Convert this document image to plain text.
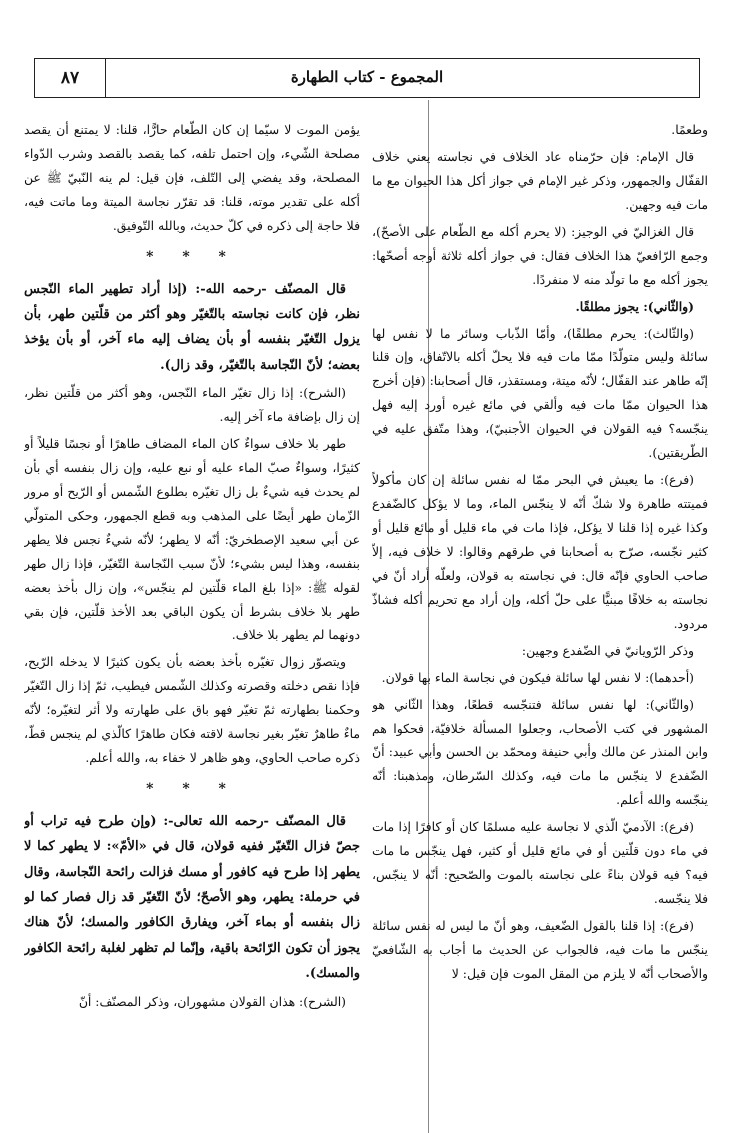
٨٧	المجموع - كتاب الطهارة

وطعمًا.

قال الإمام: فإن حرّمناه عاد الخلاف في نجاسته يعني خلاف القفّال والجمهور، وذكر غير الإمام في جواز أكل هذا الحيوان مع ما مات فيه وجهين.

قال الغزاليّ في الوجيز: (لا يحرم أكله مع الطّعام على الأصحّ)، وجمع الرّافعيّ هذا الخلاف فقال: في جواز أكله ثلاثة أوجه أصحّها: يجوز أكله مع ما تولّد منه لا منفردًا.

(والثّاني): يجوز مطلقًا.

(والثّالث): يحرم مطلقًا)، وأمّا الذّباب وسائر ما لا نفس لها سائلة وليس متولّدًا ممّا مات فيه فلا يحلّ أكله بالاتّفاق، وإن قلنا إنّه طاهر عند القفّال؛ لأنّه ميتة، ومستقذر، قال أصحابنا: (فإن أخرج هذا الحيوان ممّا مات فيه وألقي في مائع غيره أورد إليه فهل ينجّسه؟ فيه القولان في الحيوان الأجنبيّ)، وهذا متّفق عليه في الطّريقتين).

(فرع): ما يعيش في البحر ممّا له نفس سائلة إن كان مأكولاً فميتته طاهرة ولا شكّ أنّه لا ينجّس الماء، وما لا يؤكل كالضّفدع وكذا غيره إذا قلنا لا يؤكل، فإذا مات في ماء قليل أو مائع قليل أو كثير نجّسه، صرّح به أصحابنا في طرقهم وقالوا: لا خلاف فيه، إلاّ صاحب الحاوي فإنّه قال: في نجاسته به قولان، ولعلّه أراد أنّ في نجاسته به خلافًا مبنيًّا على حلّ أكله، وإن أراد مع تحريم أكله فشاذّ مردود.

وذكر الرّويانيّ في الضّفدع وجهين:

(أحدهما): لا نفس لها سائلة فيكون في نجاسة الماء بها قولان.

(والثّاني): لها نفس سائلة فتنجّسه قطعًا، وهذا الثّاني هو المشهور في كتب الأصحاب، وجعلوا المسألة خلافيّة، فحكوا هم وابن المنذر عن مالك وأبي حنيفة ومحمّد بن الحسن وأبي عبيد: أنّ الضّفدع لا ينجّس ما مات فيه، وكذلك السّرطان، ومذهبنا: أنّه ينجّسه والله أعلم.

(فرع): الآدميّ الّذي لا نجاسة عليه مسلمًا كان أو كافرًا إذا مات في ماء دون قلّتين أو في مائع قليل أو كثير، فهل ينجّس ما مات فيه؟ فيه قولان بناءً على نجاسته بالموت والصّحيح: أنّه لا ينجّس، فلا ينجّسه.

(فرع): إذا قلنا بالقول الضّعيف، وهو أنّ ما ليس له نفس سائلة ينجّس ما مات فيه، فالجواب عن الحديث ما أجاب به الشّافعيّ والأصحاب أنّه لا يلزم من المقل الموت فإن قيل: لا

يؤمن الموت لا سيّما إن كان الطّعام حارًّا، قلنا: لا يمتنع أن يقصد مصلحة الشّيء، وإن احتمل تلفه، كما يقصد بالقصد وشرب الدّواء المصلحة، وقد يفضي إلى التّلف، فإن قيل: لم ينه النّبيّ ﷺ عن أكله على تقدير موته، قلنا: قد تقرّر نجاسة الميتة وما ماتت فيه، فلا حاجة إلى ذكره في كلّ حديث، وبالله التّوفيق.

* * *

قال المصنّف -رحمه الله-: (إذا أراد تطهير الماء النّجس نظر، فإن كانت نجاسته بالتّغيّر وهو أكثر من قلّتين طهر، بأن يزول التّغيّر بنفسه أو بأن يضاف إليه ماء آخر، أو بأن يؤخذ بعضه؛ لأنّ النّجاسة بالتّغيّر، وقد زال).

(الشرح): إذا زال تغيّر الماء النّجس، وهو أكثر من قلّتين نظر، إن زال بإضافة ماء آخر إليه.

طهر بلا خلاف سواءٌ كان الماء المضاف طاهرًا أو نجسًا قليلاً أو كثيرًا، وسواءٌ صبّ الماء عليه أو نبع عليه، وإن زال بنفسه أي بأن لم يحدث فيه شيءٌ بل زال تغيّره بطلوع الشّمس أو الرّيح أو مرور الزّمان طهر أيضًا على المذهب وبه قطع الجمهور، وحكى المتولّي عن أبي سعيد الإصطخريّ: أنّه لا يطهر؛ لأنّه شيءٌ نجس فلا يطهر بنفسه، وهذا ليس بشيء؛ لأنّ سبب النّجاسة التّغيّر، فإذا زال طهر لقوله ﷺ: «إذا بلغ الماء قلّتين لم ينجّس»، وإن زال بأخذ بعضه طهر بلا خلاف بشرط أن يكون الباقي بعد الأخذ قلّتين، فإن بقي دونهما لم يطهر بلا خلاف.

ويتصوّر زوال تغيّره بأخذ بعضه بأن يكون كثيرًا لا يدخله الرّيح، فإذا نقص دخلته وقصرته وكذلك الشّمس فيطيب، ثمّ إذا زال التّغيّر وحكمنا بطهارته ثمّ تغيّر فهو باق على طهارته ولا أثر لتغيّره؛ لأنّه ماءٌ طاهرٌ تغيّر بغير نجاسة لاقته فكان طاهرًا كالّذي لم ينجس قطّ، ذكره صاحب الحاوي، وهو ظاهر لا خفاء به، والله أعلم.

* * *

قال المصنّف -رحمه الله تعالى-: (وإن طرح فيه تراب أو جصّ فزال التّغيّر ففيه قولان، قال في «الأمّ»: لا يطهر كما لا يطهر إذا طرح فيه كافور أو مسك فزالت رائحة النّجاسة، وقال في حرملة: يطهر، وهو الأصحّ؛ لأنّ التّغيّر قد زال فصار كما لو زال بنفسه أو بماء آخر، ويفارق الكافور والمسك؛ لأنّ هناك يجوز أن تكون الرّائحة باقية، وإنّما لم تظهر لغلبة رائحة الكافور والمسك).

(الشرح): هذان القولان مشهوران، وذكر المصنّف: أنّ
